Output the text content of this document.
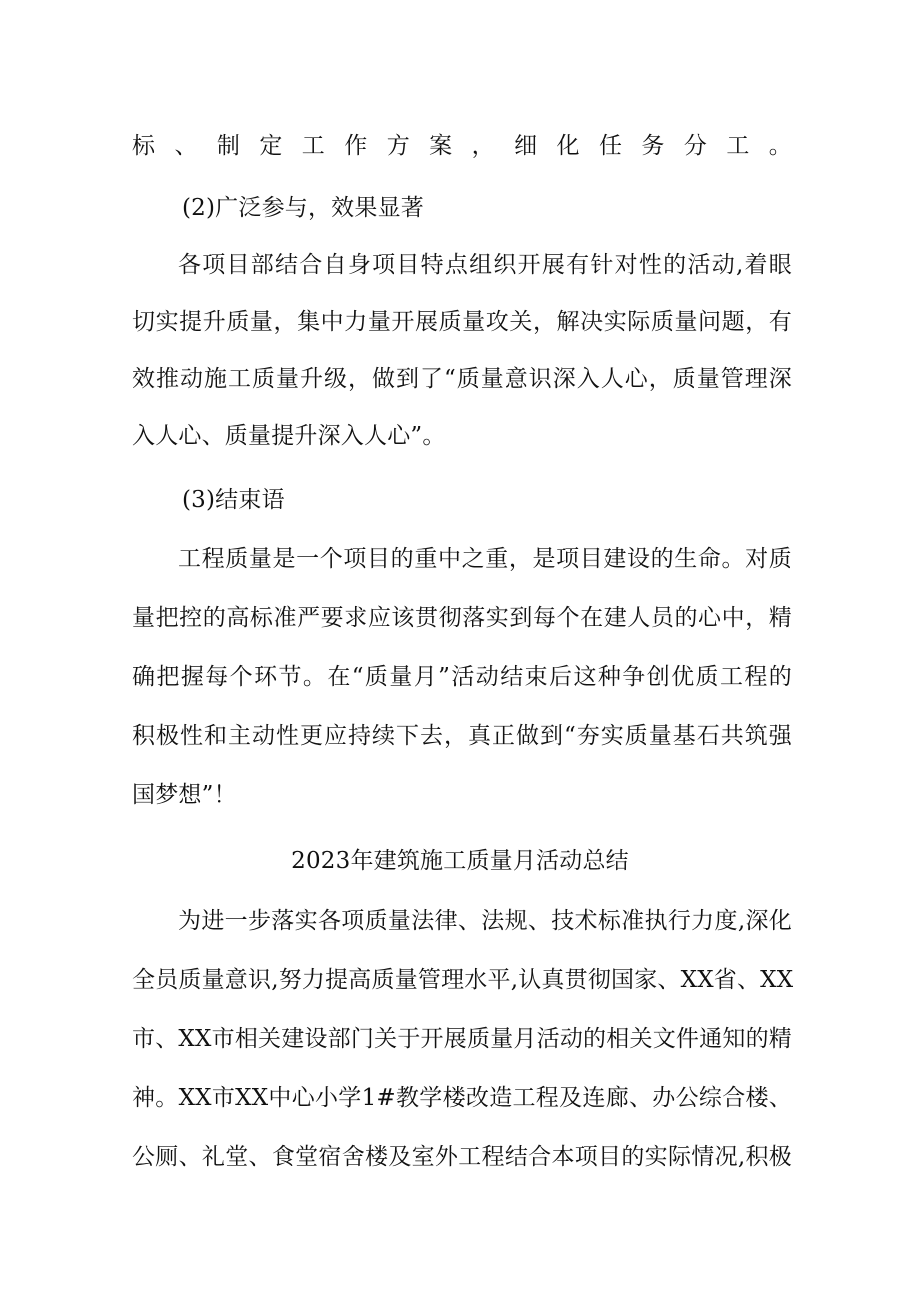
标、制定工作方案，细化任务分工。
(2)广泛参与，效果显著
各项目部结合自身项目特点组织开展有针对性的活动,着眼
切实提升质量，集中力量开展质量攻关，解决实际质量问题，有
效推动施工质量升级，做到了“质量意识深入人心，质量管理深
入人心、质量提升深入人心”。
(3)结束语
工程质量是一个项目的重中之重，是项目建设的生命。对质
量把控的高标准严要求应该贯彻落实到每个在建人员的心中，精
确把握每个环节。在“质量月”活动结束后这种争创优质工程的
积极性和主动性更应持续下去，真正做到“夯实质量基石共筑强
国梦想”！
2023年建筑施工质量月活动总结
为进一步落实各项质量法律、法规、技术标准执行力度,深化
全员质量意识,努力提高质量管理水平,认真贯彻国家、XX省、XX
市、XX市相关建设部门关于开展质量月活动的相关文件通知的精
神。XX市XX中心小学1#教学楼改造工程及连廊、办公综合楼、
公厕、礼堂、食堂宿舍楼及室外工程结合本项目的实际情况,积极
